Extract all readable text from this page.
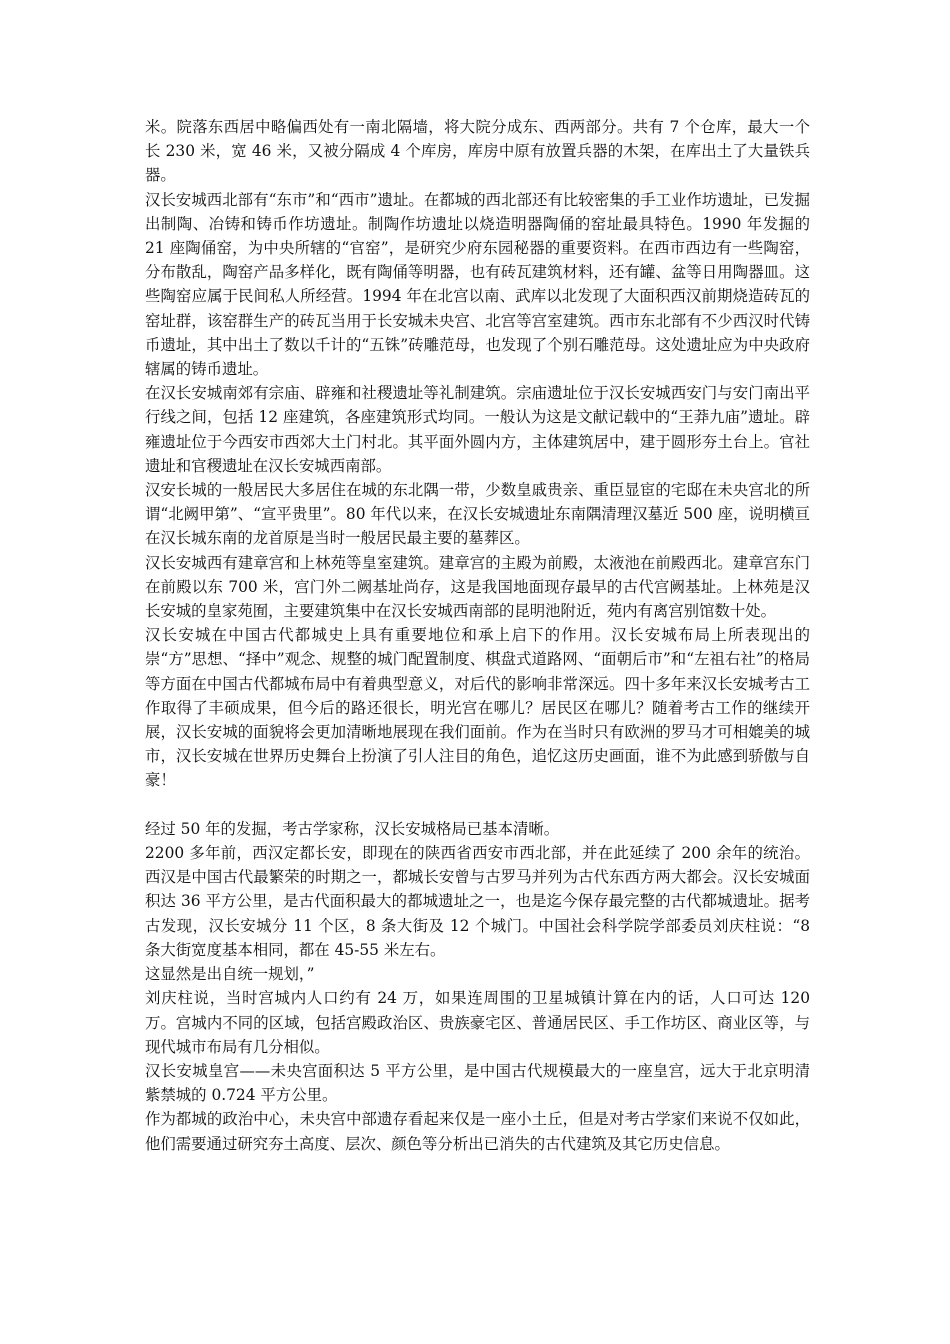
米。院落东西居中略偏西处有一南北隔墙，将大院分成东、西两部分。共有 7 个仓库，最大一个长 230 米，宽 46 米，又被分隔成 4 个库房，库房中原有放置兵器的木架，在库出土了大量铁兵器。

汉长安城西北部有“东市”和“西市”遗址。在都城的西北部还有比较密集的手工业作坊遗址，已发掘出制陶、冶铸和铸币作坊遗址。制陶作坊遗址以烧造明器陶俑的窑址最具特色。1990 年发掘的 21 座陶俑窑，为中央所辖的“官窑”，是研究少府东园秘器的重要资料。在西市西边有一些陶窑，分布散乱，陶窑产品多样化，既有陶俑等明器，也有砖瓦建筑材料，还有罐、盆等日用陶器皿。这些陶窑应属于民间私人所经营。1994 年在北宫以南、武库以北发现了大面积西汉前期烧造砖瓦的窑址群，该窑群生产的砖瓦当用于长安城未央宫、北宫等宫室建筑。西市东北部有不少西汉时代铸币遗址，其中出土了数以千计的“五铢”砖雕范母，也发现了个别石雕范母。这处遗址应为中央政府辖属的铸币遗址。

在汉长安城南郊有宗庙、辟雍和社稷遗址等礼制建筑。宗庙遗址位于汉长安城西安门与安门南出平行线之间，包括 12 座建筑，各座建筑形式均同。一般认为这是文献记载中的“王莽九庙”遗址。辟雍遗址位于今西安市西郊大土门村北。其平面外圆内方，主体建筑居中，建于圆形夯土台上。官社遗址和官稷遗址在汉长安城西南部。

汉安长城的一般居民大多居住在城的东北隅一带，少数皇戚贵亲、重臣显宦的宅邸在未央宫北的所谓“北阙甲第”、“宣平贵里”。80 年代以来，在汉长安城遗址东南隅清理汉墓近 500 座，说明横亘在汉长城东南的龙首原是当时一般居民最主要的墓葬区。

汉长安城西有建章宫和上林苑等皇室建筑。建章宫的主殿为前殿，太液池在前殿西北。建章宫东门在前殿以东 700 米，宫门外二阙基址尚存，这是我国地面现存最早的古代宫阙基址。上林苑是汉长安城的皇家苑囿，主要建筑集中在汉长安城西南部的昆明池附近，苑内有离宫别馆数十处。

汉长安城在中国古代都城史上具有重要地位和承上启下的作用。汉长安城布局上所表现出的崇“方”思想、“择中”观念、规整的城门配置制度、棋盘式道路网、“面朝后市”和“左祖右社”的格局等方面在中国古代都城布局中有着典型意义，对后代的影响非常深远。四十多年来汉长安城考古工作取得了丰硕成果，但今后的路还很长，明光宫在哪儿？居民区在哪儿？随着考古工作的继续开展，汉长安城的面貌将会更加清晰地展现在我们面前。作为在当时只有欧洲的罗马才可相媲美的城市，汉长安城在世界历史舞台上扮演了引人注目的角色，追忆这历史画面，谁不为此感到骄傲与自豪！

经过 50 年的发掘，考古学家称，汉长安城格局已基本清晰。

2200 多年前，西汉定都长安，即现在的陕西省西安市西北部，并在此延续了 200 余年的统治。西汉是中国古代最繁荣的时期之一，都城长安曾与古罗马并列为古代东西方两大都会。汉长安城面积达 36 平方公里，是古代面积最大的都城遗址之一，也是迄今保存最完整的古代都城遗址。据考古发现，汉长安城分 11 个区，8 条大街及 12 个城门。中国社会科学院学部委员刘庆柱说：“8 条大街宽度基本相同，都在 45-55 米左右。

这显然是出自统一规划，”

刘庆柱说，当时宫城内人口约有 24 万，如果连周围的卫星城镇计算在内的话，人口可达 120 万。宫城内不同的区域，包括宫殿政治区、贵族豪宅区、普通居民区、手工作坊区、商业区等，与现代城市布局有几分相似。

汉长安城皇宫——未央宫面积达 5 平方公里，是中国古代规模最大的一座皇宫，远大于北京明清紫禁城的 0.724 平方公里。

作为都城的政治中心，未央宫中部遗存看起来仅是一座小土丘，但是对考古学家们来说不仅如此，他们需要通过研究夯土高度、层次、颜色等分析出已消失的古代建筑及其它历史信息。
